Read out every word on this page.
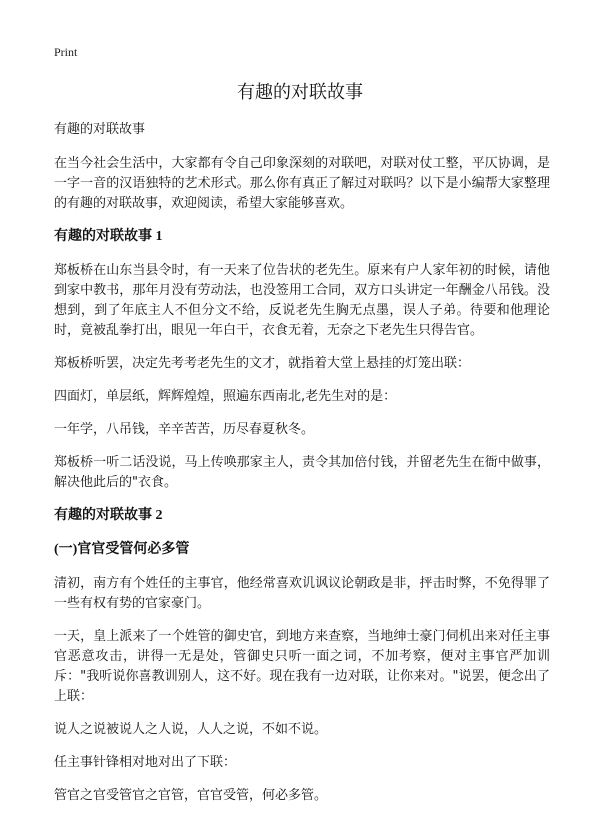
Print
有趣的对联故事

有趣的对联故事

在当今社会生活中，大家都有令自己印象深刻的对联吧，对联对仗工整，平仄协调，是一字一音的汉语独特的艺术形式。那么你有真正了解过对联吗？以下是小编帮大家整理的有趣的对联故事，欢迎阅读，希望大家能够喜欢。

有趣的对联故事 1

郑板桥在山东当县令时，有一天来了位告状的老先生。原来有户人家年初的时候，请他到家中教书，那年月没有劳动法，也没签用工合同，双方口头讲定一年酬金八吊钱。没想到，到了年底主人不但分文不给，反说老先生胸无点墨，误人子弟。待要和他理论时，竟被乱拳打出，眼见一年白干，衣食无着，无奈之下老先生只得告官。

郑板桥听罢，决定先考考老先生的文才，就指着大堂上悬挂的灯笼出联：

四面灯，单层纸，辉辉煌煌，照遍东西南北,老先生对的是：

一年学，八吊钱，辛辛苦苦，历尽春夏秋冬。

郑板桥一听二话没说，马上传唤那家主人，责令其加倍付钱，并留老先生在衙中做事，解决他此后的"衣食。

有趣的对联故事 2

(一)官官受管何必多管

清初，南方有个姓任的主事官，他经常喜欢讥讽议论朝政是非，抨击时弊，不免得罪了一些有权有势的官家豪门。

一天，皇上派来了一个姓管的御史官，到地方来查察，当地绅士豪门伺机出来对任主事官恶意攻击，讲得一无是处，管御史只听一面之词，不加考察，便对主事官严加训斥："我听说你喜教训别人，这不好。现在我有一边对联，让你来对。"说罢，便念出了上联：

说人之说被说人之人说，人人之说，不如不说。

任主事针锋相对地对出了下联：

管官之官受管官之官管，官官受管，何必多管。
